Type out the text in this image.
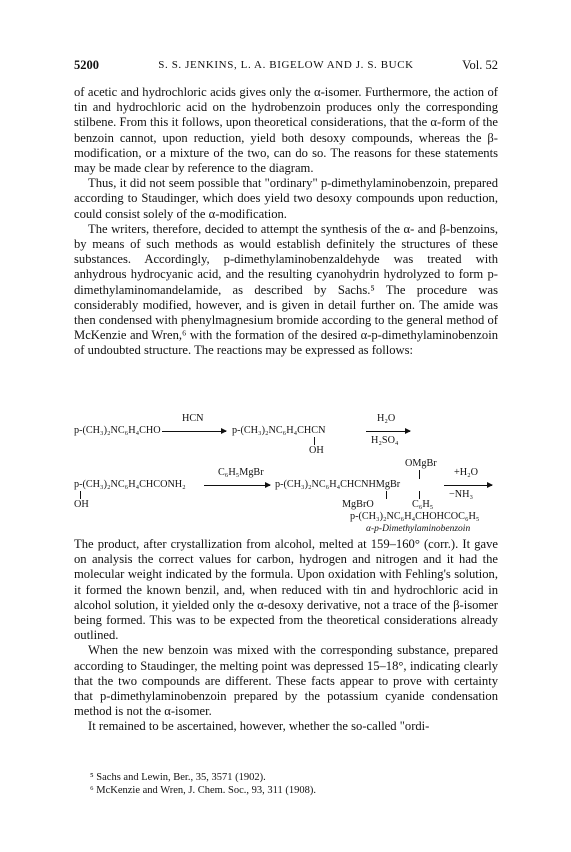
5200	S. S. JENKINS, L. A. BIGELOW AND J. S. BUCK	Vol. 52

of acetic and hydrochloric acids gives only the α-isomer. Furthermore, the action of tin and hydrochloric acid on the hydrobenzoin produces only the corresponding stilbene. From this it follows, upon theoretical considerations, that the α-form of the benzoin cannot, upon reduction, yield both desoxy compounds, whereas the β-modification, or a mixture of the two, can do so. The reasons for these statements may be made clear by reference to the diagram.

Thus, it did not seem possible that "ordinary" p-dimethylaminobenzoin, prepared according to Staudinger, which does yield two desoxy compounds upon reduction, could consist solely of the α-modification.

The writers, therefore, decided to attempt the synthesis of the α- and β-benzoins, by means of such methods as would establish definitely the structures of these substances. Accordingly, p-dimethylaminobenzaldehyde was treated with anhydrous hydrocyanic acid, and the resulting cyanohydrin hydrolyzed to form p-dimethylaminomandelamide, as described by Sachs.⁵ The procedure was considerably modified, however, and is given in detail further on. The amide was then condensed with phenylmagnesium bromide according to the general method of McKenzie and Wren,⁶ with the formation of the desired α-p-dimethylaminobenzoin of undoubted structure. The reactions may be expressed as follows:

p-(CH₃)₂NC₆H₄CHO
HCN
p-(CH₃)₂NC₆H₄CHCN
H₂O
H₂SO₄
OH
OMgBr
p-(CH₃)₂NC₆H₄CHCONH₂
C₆H₅MgBr
p-(CH₃)₂NC₆H₄CHCNHMgBr
+H₂O
−NH₃
OH	MgBrO	C₆H₅
p-(CH₃)₂NC₆H₄CHOHCOC₆H₅
α-p-Dimethylaminobenzoin

The product, after crystallization from alcohol, melted at 159–160° (corr.). It gave on analysis the correct values for carbon, hydrogen and nitrogen and it had the molecular weight indicated by the formula. Upon oxidation with Fehling's solution, it formed the known benzil, and, when reduced with tin and hydrochloric acid in alcohol solution, it yielded only the α-desoxy derivative, not a trace of the β-isomer being formed. This was to be expected from the theoretical considerations already outlined.

When the new benzoin was mixed with the corresponding substance, prepared according to Staudinger, the melting point was depressed 15–18°, indicating clearly that the two compounds are different. These facts appear to prove with certainty that p-dimethylaminobenzoin prepared by the potassium cyanide condensation method is not the α-isomer.

It remained to be ascertained, however, whether the so-called "ordi-

⁵ Sachs and Lewin, Ber., 35, 3571 (1902).

⁶ McKenzie and Wren, J. Chem. Soc., 93, 311 (1908).
